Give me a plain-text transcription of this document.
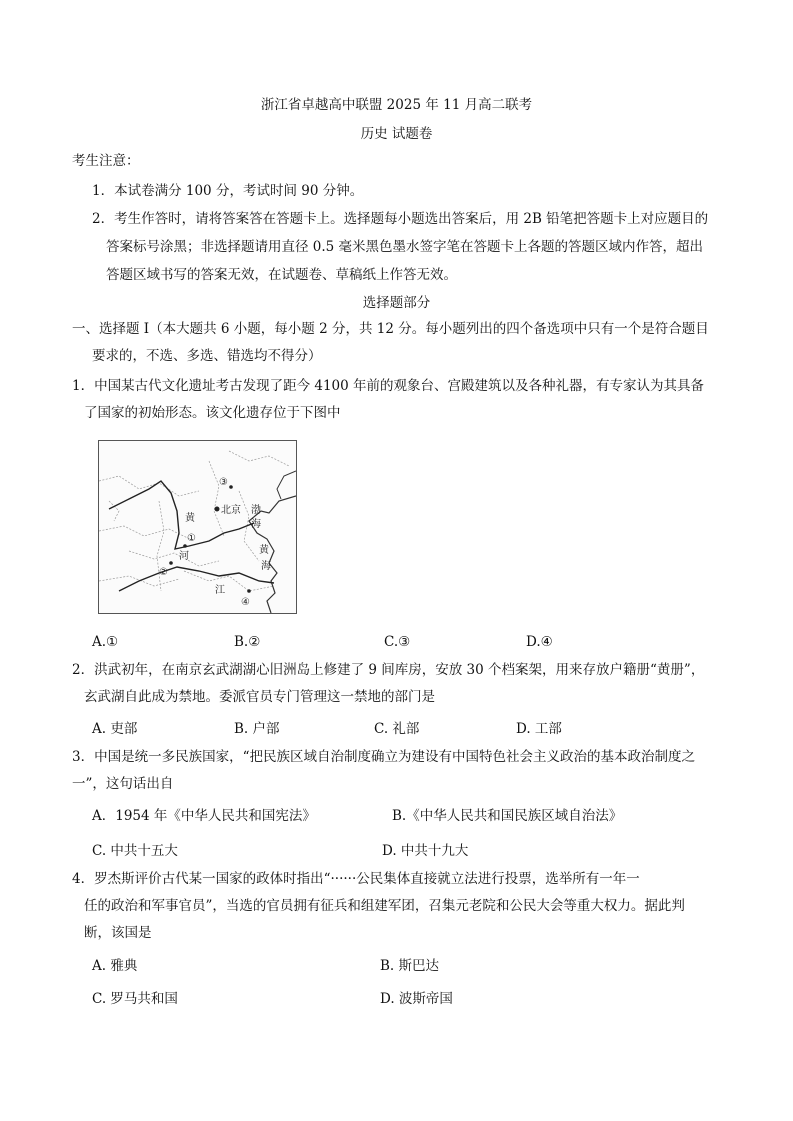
浙江省卓越高中联盟 2025 年 11 月高二联考
历史 试题卷
考生注意：
1．本试卷满分 100 分，考试时间 90 分钟。
2．考生作答时，请将答案答在答题卡上。选择题每小题选出答案后，用 2B 铅笔把答题卡上对应题目的
答案标号涂黑；非选择题请用直径 0.5 毫米黑色墨水签字笔在答题卡上各题的答题区域内作答，超出
答题区域书写的答案无效，在试题卷、草稿纸上作答无效。
选择题部分
一、选择题 I（本大题共 6 小题，每小题 2 分，共 12 分。每小题列出的四个备选项中只有一个是符合题目
要求的，不选、多选、错选均不得分）
1．中国某古代文化遗址考古发现了距今 4100 年前的观象台、宫殿建筑以及各种礼器，有专家认为其具备
了国家的初始形态。该文化遗存位于下图中
北京
③
①
②
④
黄
河
渤
海
黄
海
江
A.①	B.②	C.③	D.④
2．洪武初年，在南京玄武湖湖心旧洲岛上修建了 9 间库房，安放 30 个档案架，用来存放户籍册“黄册”，
玄武湖自此成为禁地。委派官员专门管理这一禁地的部门是
A. 吏部	B. 户部	C. 礼部	D. 工部
3．中国是统一多民族国家，“把民族区域自治制度确立为建设有中国特色社会主义政治的基本政治制度之
一”，这句话出自
A．1954 年《中华人民共和国宪法》	B.《中华人民共和国民族区域自治法》
C. 中共十五大	D. 中共十九大
4．罗杰斯评价古代某一国家的政体时指出“······公民集体直接就立法进行投票，选举所有一年一
任的政治和军事官员”，当选的官员拥有征兵和组建军团，召集元老院和公民大会等重大权力。据此判
断，该国是
A. 雅典	B. 斯巴达
C. 罗马共和国	D. 波斯帝国
